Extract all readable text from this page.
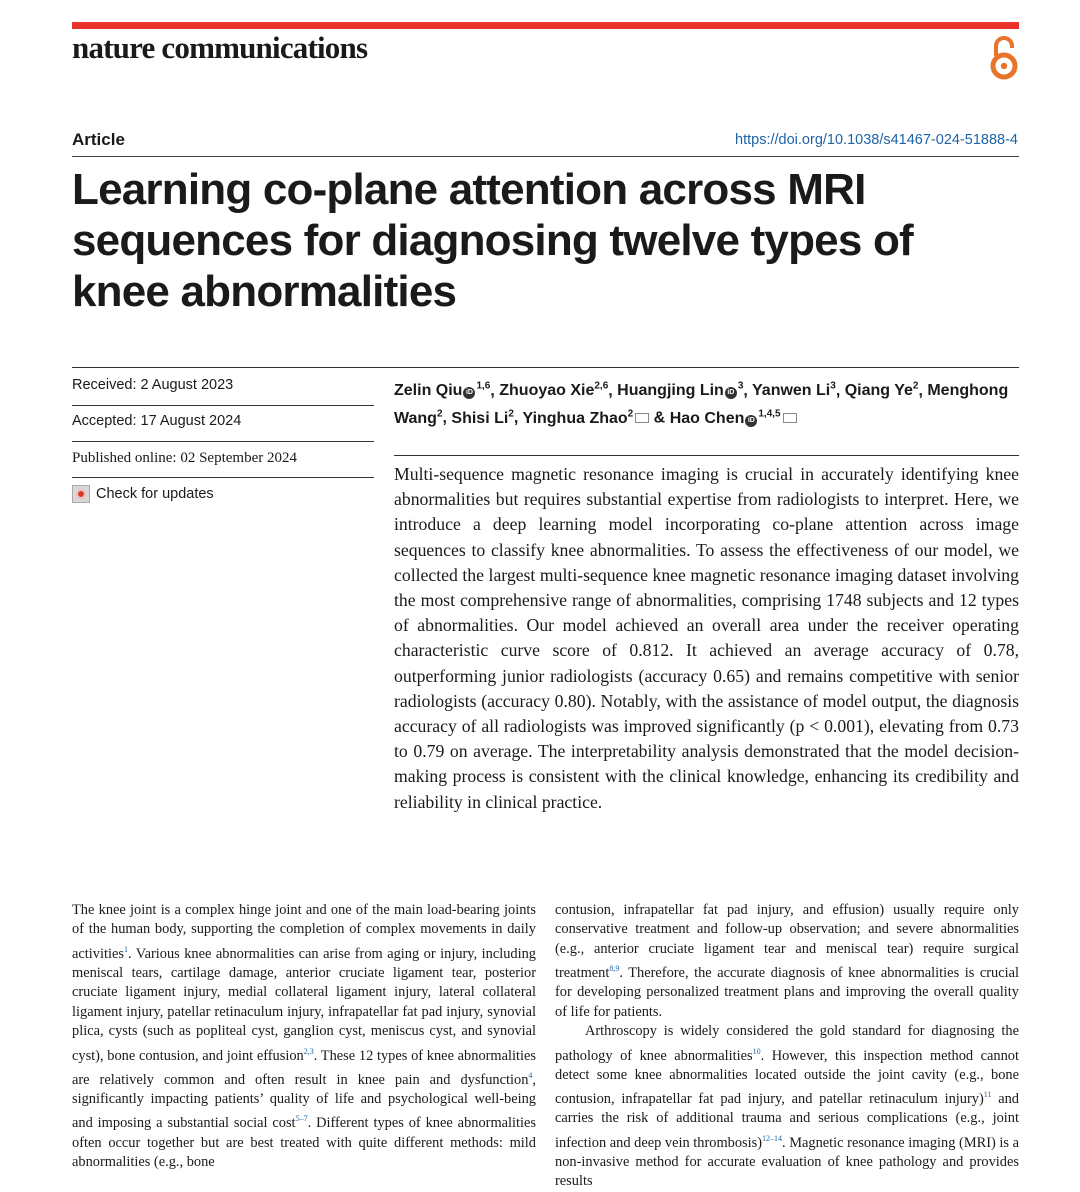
nature communications
Article	https://doi.org/10.1038/s41467-024-51888-4
Learning co-plane attention across MRI sequences for diagnosing twelve types of knee abnormalities
Received: 2 August 2023
Accepted: 17 August 2024
Published online: 02 September 2024
Check for updates
Zelin Qiu iD$^{1,6}$, Zhuoyao Xie$^{2,6}$, Huangjing Lin $iD^3$, Yanwen Li$^3$, Qiang Ye$^2$, Menghong Wang$^2$, Shisi Li$^2$, Yinghua Zhao$^2$ & Hao Chen iD$^{1,4,5}$

Multi-sequence magnetic resonance imaging is crucial in accurately identifying knee abnormalities but requires substantial expertise from radiologists to interpret. Here, we introduce a deep learning model incorporating co-plane attention across image sequences to classify knee abnormalities. To assess the effectiveness of our model, we collected the largest multi-sequence knee magnetic resonance imaging dataset involving the most comprehensive range of abnormalities, comprising 1748 subjects and 12 types of abnormalities. Our model achieved an overall area under the receiver operating characteristic curve score of 0.812. It achieved an average accuracy of 0.78, outperforming junior radiologists (accuracy 0.65) and remains competitive with senior radiologists (accuracy 0.80). Notably, with the assistance of model output, the diagnosis accuracy of all radiologists was improved significantly (p < 0.001), elevating from 0.73 to 0.79 on average. The interpretability analysis demonstrated that the model decision-making process is consistent with the clinical knowledge, enhancing its credibility and reliability in clinical practice.

The knee joint is a complex hinge joint and one of the main load-bearing joints of the human body, supporting the completion of complex movements in daily activities$^1$. Various knee abnormalities can arise from aging or injury, including meniscal tears, cartilage damage, anterior cruciate ligament tear, posterior cruciate ligament injury, medial collateral ligament injury, lateral collateral ligament injury, patellar retinaculum injury, infrapatellar fat pad injury, synovial plica, cysts (such as popliteal cyst, ganglion cyst, meniscus cyst, and synovial cyst), bone contusion, and joint effusion$^{2,3}$. These 12 types of knee abnormalities are relatively common and often result in knee pain and dysfunction$^4$, significantly impacting patients’ quality of life and psychological well-being and imposing a substantial social cost$^{5-7}$. Different types of knee abnormalities often occur together but are best treated with quite different methods: mild abnormalities (e.g., bone

contusion, infrapatellar fat pad injury, and effusion) usually require only conservative treatment and follow-up observation; and severe abnormalities (e.g., anterior cruciate ligament tear and meniscal tear) require surgical treatment$^{8,9}$. Therefore, the accurate diagnosis of knee abnormalities is crucial for developing personalized treatment plans and improving the overall quality of life for patients.

Arthroscopy is widely considered the gold standard for diagnosing the pathology of knee abnormalities$^{10}$. However, this inspection method cannot detect some knee abnormalities located outside the joint cavity (e.g., bone contusion, infrapatellar fat pad injury, and patellar retinaculum injury)$^{11}$ and carries the risk of additional trauma and serious complications (e.g., joint infection and deep vein thrombosis)$^{12-14}$. Magnetic resonance imaging (MRI) is a non-invasive method for accurate evaluation of knee pathology and provides results
